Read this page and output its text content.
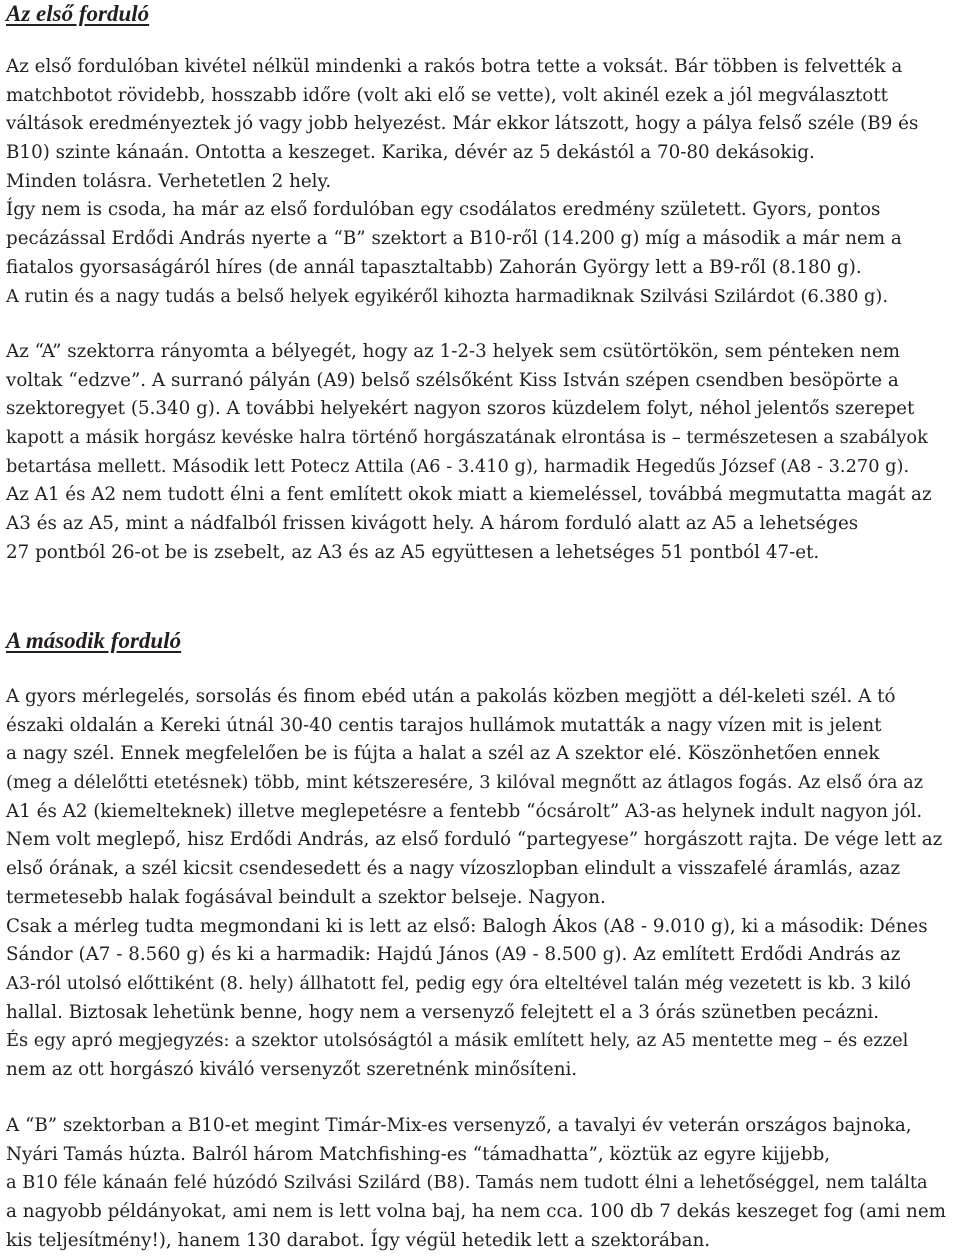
Az első forduló
Az első fordulóban kivétel nélkül mindenki a rakós botra tette a voksát. Bár többen is felvették a
matchbotot rövidebb, hosszabb időre (volt aki elő se vette), volt akinél ezek a jól megválasztott
váltások eredményeztek jó vagy jobb helyezést. Már ekkor látszott, hogy a pálya felső széle (B9 és
B10) szinte kánaán. Ontotta a keszeget. Karika, dévér az 5 dekástól a 70-80 dekásokig.
Minden tolásra. Verhetetlen 2 hely.
Így nem is csoda, ha már az első fordulóban egy csodálatos eredmény született. Gyors, pontos
pecázással Erdődi András nyerte a “B” szektort a B10-ről (14.200 g) míg a második a már nem a
fiatalos gyorsaságáról híres (de annál tapasztaltabb) Zahorán György lett a B9-ről (8.180 g).
A rutin és a nagy tudás a belső helyek egyikéről kihozta harmadiknak Szilvási Szilárdot (6.380 g).
Az “A” szektorra rányomta a bélyegét, hogy az 1-2-3 helyek sem csütörtökön, sem pénteken nem
voltak “edzve”. A surranó pályán (A9) belső szélsőként Kiss István szépen csendben besöpörte a
szektoregyet (5.340 g). A további helyekért nagyon szoros küzdelem folyt, néhol jelentős szerepet
kapott a másik horgász kevéske halra történő horgászatának elrontása is – természetesen a szabályok
betartása mellett. Második lett Potecz Attila (A6 - 3.410 g), harmadik Hegedűs József (A8 - 3.270 g).
Az A1 és A2 nem tudott élni a fent említett okok miatt a kiemeléssel, továbbá megmutatta magát az
A3 és az A5, mint a nádfalból frissen kivágott hely. A három forduló alatt az A5 a lehetséges
27 pontból 26-ot be is zsebelt, az A3 és az A5 együttesen a lehetséges 51 pontból 47-et.
A második forduló
A gyors mérlegelés, sorsolás és finom ebéd után a pakolás közben megjött a dél-keleti szél. A tó
északi oldalán a Kereki útnál 30-40 centis tarajos hullámok mutatták a nagy vízen mit is jelent
a nagy szél. Ennek megfelelően be is fújta a halat a szél az A szektor elé. Köszönhetően ennek
(meg a délelőtti etetésnek) több, mint kétszeresére, 3 kilóval megnőtt az átlagos fogás. Az első óra az
A1 és A2 (kiemelteknek) illetve meglepetésre a fentebb “ócsárolt” A3-as helynek indult nagyon jól.
Nem volt meglepő, hisz Erdődi András, az első forduló “partegyese” horgászott rajta. De vége lett az
első órának, a szél kicsit csendesedett és a nagy vízoszlopban elindult a visszafelé áramlás, azaz
termetesebb halak fogásával beindult a szektor belseje. Nagyon.
Csak a mérleg tudta megmondani ki is lett az első: Balogh Ákos (A8 - 9.010 g), ki a második: Dénes
Sándor (A7 - 8.560 g) és ki a harmadik: Hajdú János (A9 - 8.500 g). Az említett Erdődi András az
A3-ról utolsó előttiként (8. hely) állhatott fel, pedig egy óra elteltével talán még vezetett is kb. 3 kiló
hallal. Biztosak lehetünk benne, hogy nem a versenyző felejtett el a 3 órás szünetben pecázni.
És egy apró megjegyzés: a szektor utolsóságtól a másik említett hely, az A5 mentette meg – és ezzel
nem az ott horgászó kiváló versenyzőt szeretnénk minősíteni.
A “B” szektorban a B10-et megint Timár-Mix-es versenyző, a tavalyi év veterán országos bajnoka,
Nyári Tamás húzta. Balról három Matchfishing-es “támadhatta”, köztük az egyre kijjebb,
a B10 féle kánaán felé húzódó Szilvási Szilárd (B8). Tamás nem tudott élni a lehetőséggel, nem találta
a nagyobb példányokat, ami nem is lett volna baj, ha nem cca. 100 db 7 dekás keszeget fog (ami nem
kis teljesítmény!), hanem 130 darabot. Így végül hetedik lett a szektorában.
